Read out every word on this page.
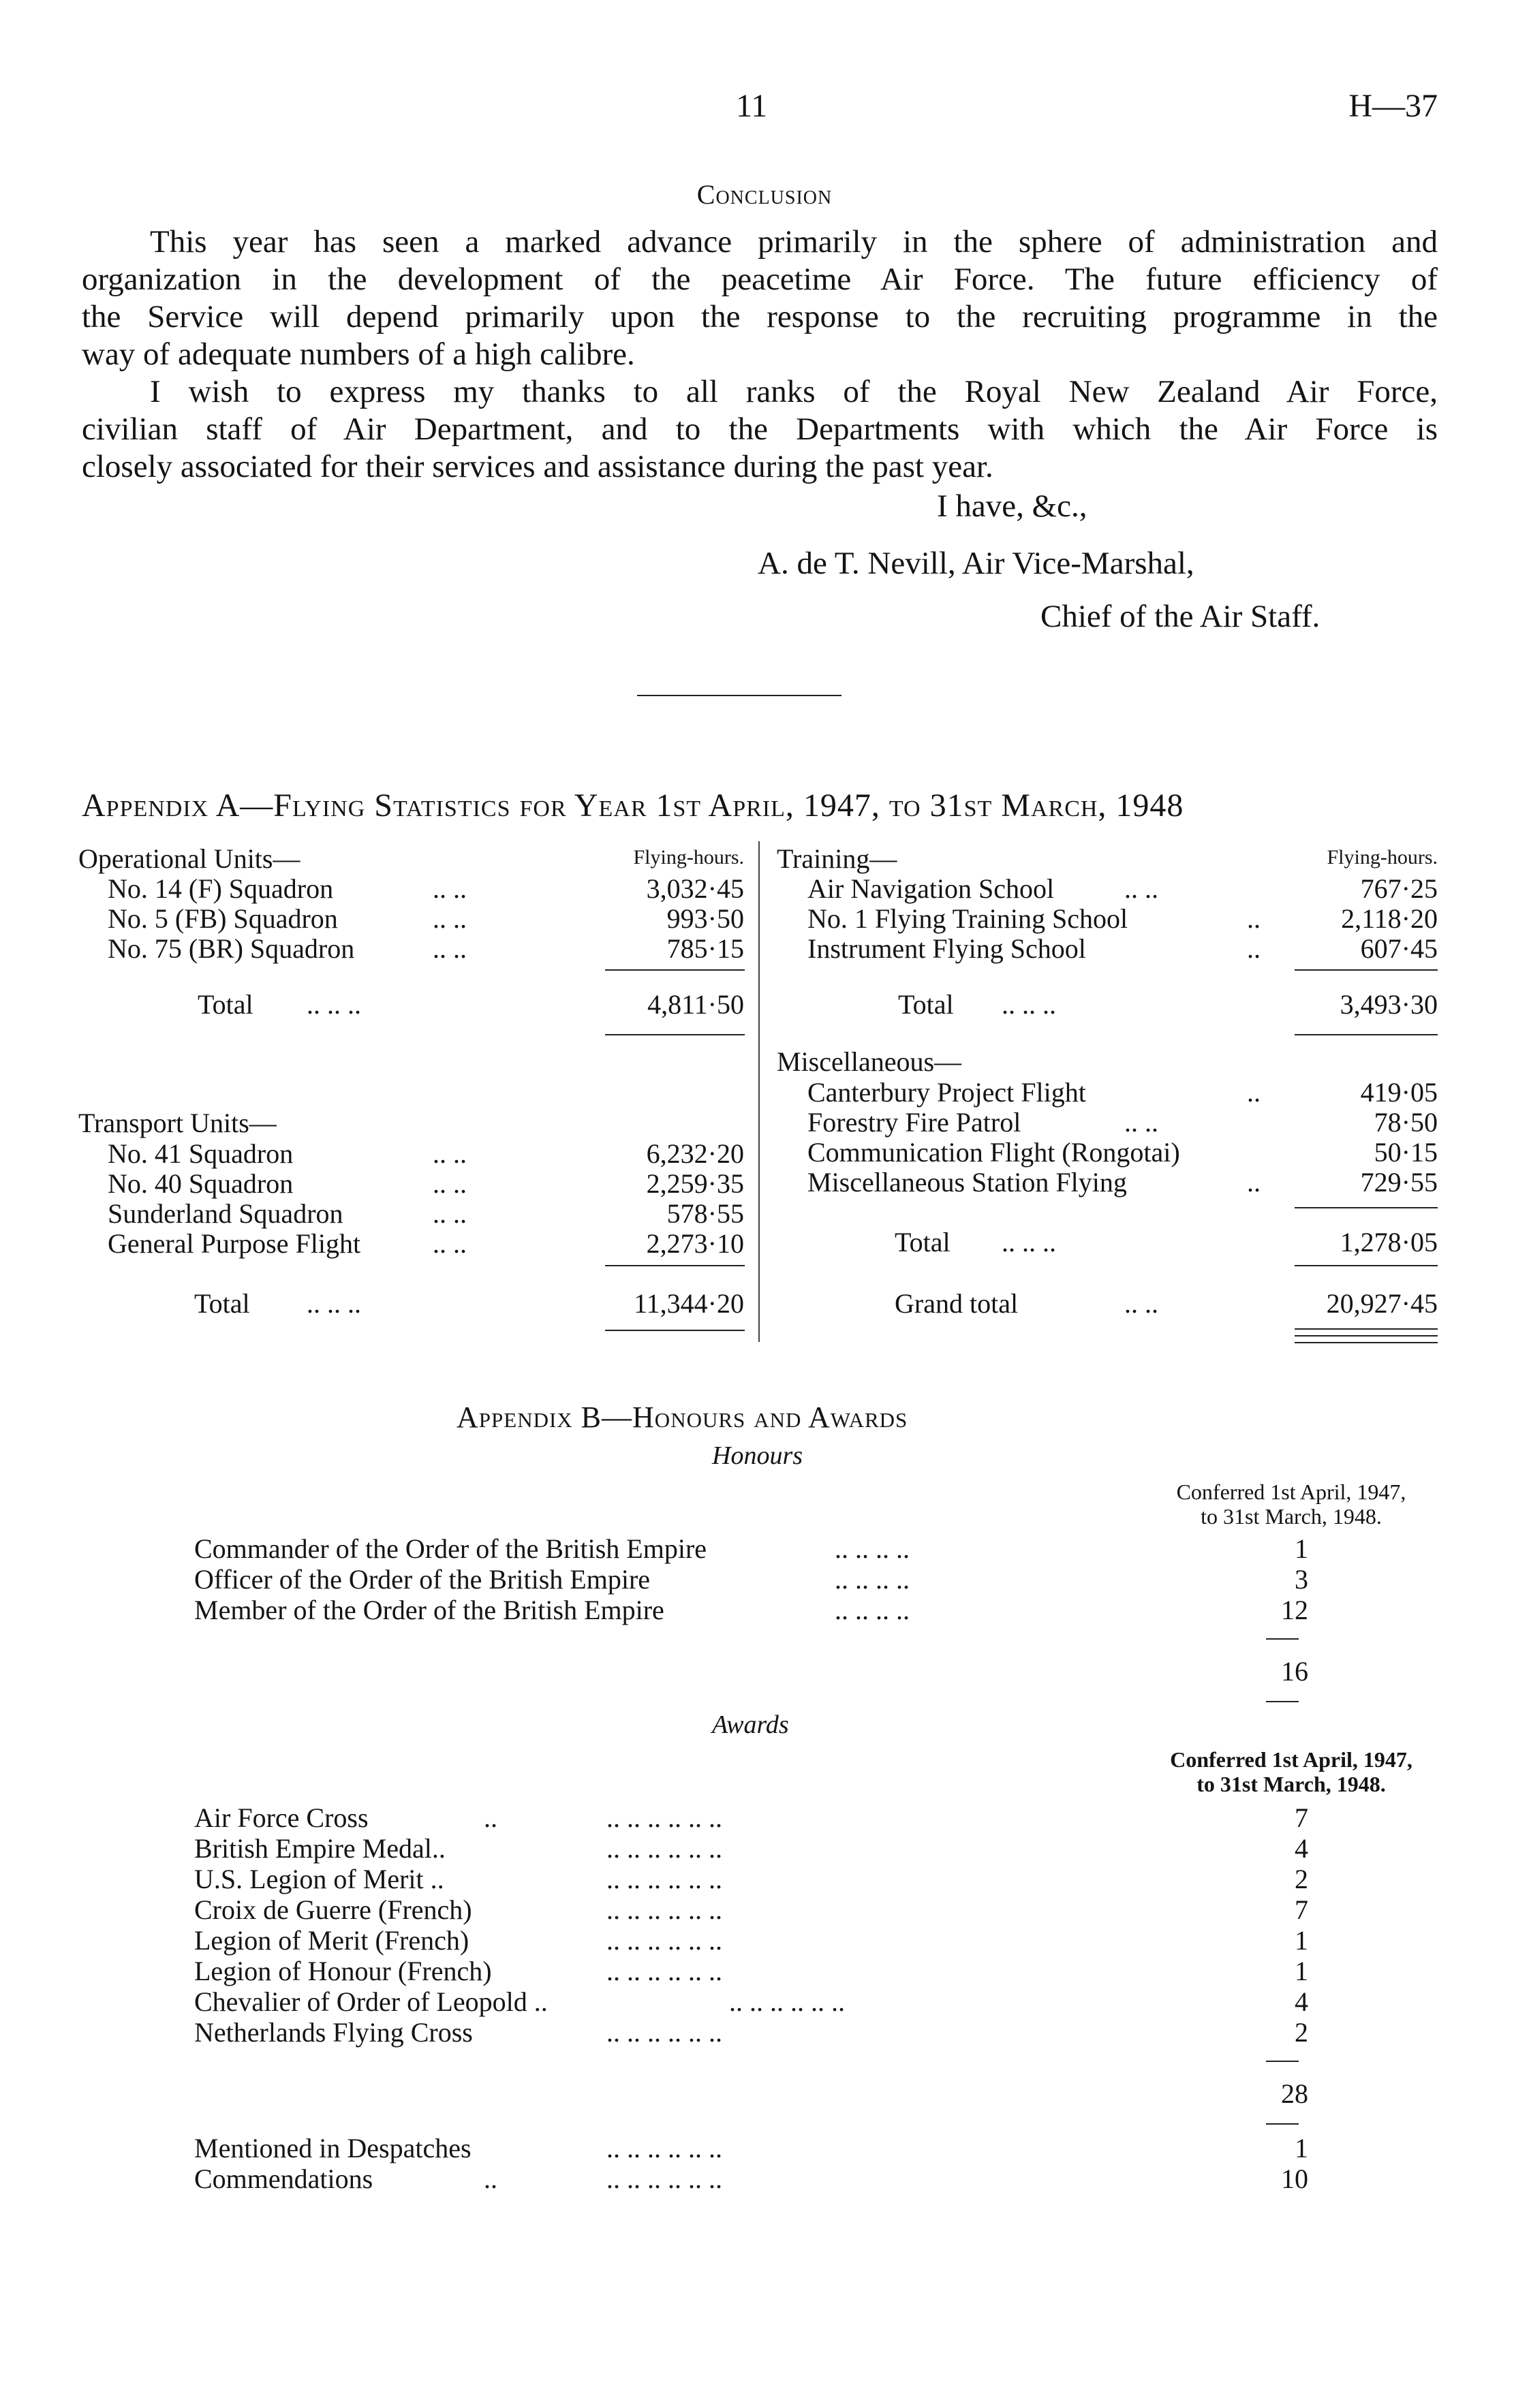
11	H—37
Conclusion
This year has seen a marked advance primarily in the sphere of administration and
organization in the development of the peacetime Air Force. The future efficiency of
the Service will depend primarily upon the response to the recruiting programme in the
way of adequate numbers of a high calibre.
I wish to express my thanks to all ranks of the Royal New Zealand Air Force,
civilian staff of Air Department, and to the Departments with which the Air Force is
closely associated for their services and assistance during the past year.
I have, &c.,
A. de T. Nevill, Air Vice-Marshal,
Chief of the Air Staff.
Appendix A—Flying Statistics for Year 1st April, 1947, to 31st March, 1948
Operational Units—	Flying-hours.
No. 14 (F) Squadron	.. ..	3,032·45
No. 5 (FB) Squadron	.. ..	993·50
No. 75 (BR) Squadron	.. ..	785·15
Total .. .. ..	4,811·50
Transport Units—
No. 41 Squadron	.. ..	6,232·20
No. 40 Squadron	.. ..	2,259·35
Sunderland Squadron	.. ..	578·55
General Purpose Flight	.. ..	2,273·10
Total .. .. ..	11,344·20
Training—	Flying-hours.
Air Navigation School	.. ..	767·25
No. 1 Flying Training School	..	2,118·20
Instrument Flying School	..	607·45
Total .. .. ..	3,493·30
Miscellaneous—
Canterbury Project Flight	..	419·05
Forestry Fire Patrol	.. ..	78·50
Communication Flight (Rongotai)	50·15
Miscellaneous Station Flying	..	729·55
Total .. .. ..	1,278·05
Grand total	.. ..	20,927·45
Appendix B—Honours and Awards
Honours
Conferred 1st April, 1947,
to 31st March, 1948.
Commander of the Order of the British Empire	.. .. .. ..	1
Officer of the Order of the British Empire	.. .. .. ..	3
Member of the Order of the British Empire	.. .. .. ..	12
16
Awards
Conferred 1st April, 1947,
to 31st March, 1948.
Air Force Cross	..	.. .. .. .. .. ..	7
British Empire Medal..	.. .. .. .. .. ..	4
U.S. Legion of Merit ..	.. .. .. .. .. ..	2
Croix de Guerre (French)	.. .. .. .. .. ..	7
Legion of Merit (French)	.. .. .. .. .. ..	1
Legion of Honour (French)	.. .. .. .. .. ..	1
Chevalier of Order of Leopold ..	.. .. .. .. .. ..	4
Netherlands Flying Cross	.. .. .. .. .. ..	2
28
Mentioned in Despatches	.. .. .. .. .. ..	1
Commendations	..	.. .. .. .. .. ..	10
